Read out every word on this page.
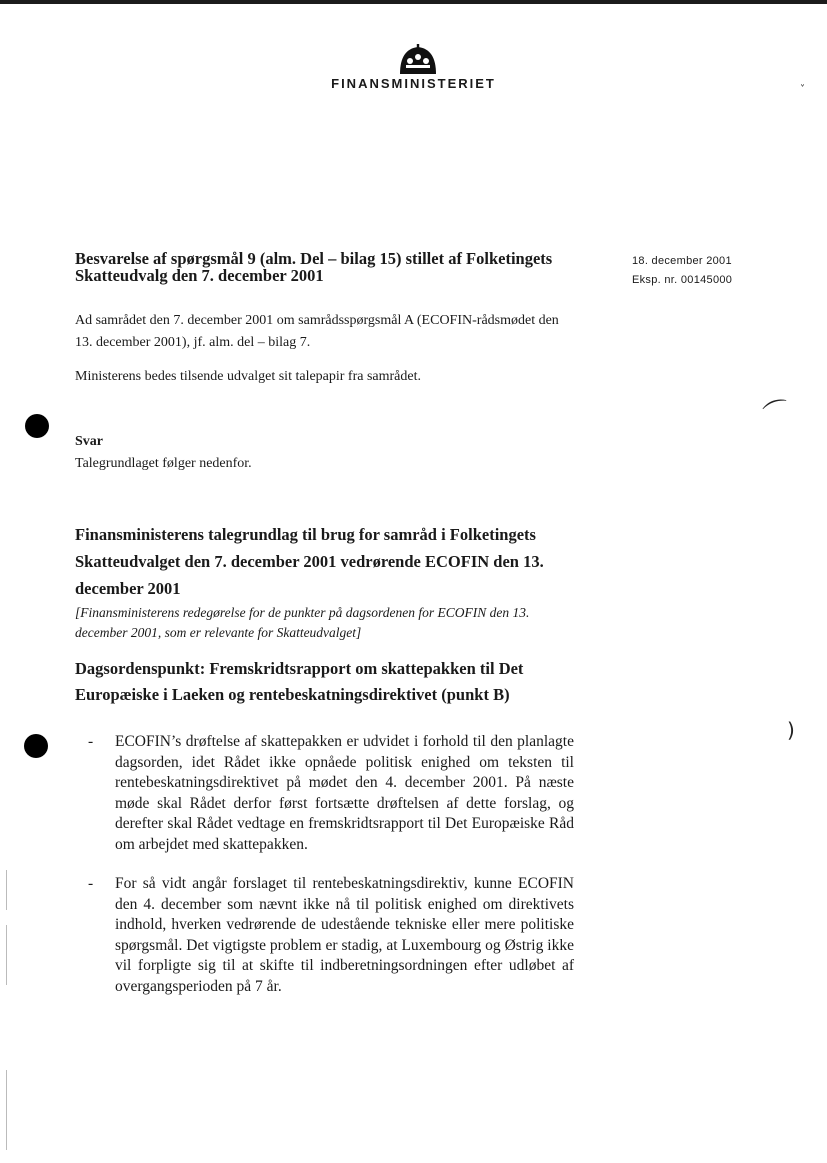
⌒
)
˅
FINANSMINISTERIET
Besvarelse af spørgsmål 9 (alm. Del – bilag 15) stillet af Folketingets Skatteudvalg den 7. december 2001
18. december 2001
Eksp. nr. 00145000
Ad samrådet den 7. december 2001 om samrådsspørgsmål A (ECOFIN-rådsmødet den 13. december 2001), jf. alm. del – bilag 7.
Ministerens bedes tilsende udvalget sit talepapir fra samrådet.
Svar
Talegrundlaget følger nedenfor.
Finansministerens talegrundlag til brug for samråd i Folketingets Skatteudvalget den 7. december 2001 vedrørende ECOFIN den 13. december 2001
[Finansministerens redegørelse for de punkter på dagsordenen for ECOFIN den 13. december 2001, som er relevante for Skatteudvalget]
Dagsordenspunkt: Fremskridtsrapport om skattepakken til Det Europæiske i Laeken og rentebeskatningsdirektivet (punkt B)
- ECOFIN’s drøftelse af skattepakken er udvidet i forhold til den planlagte dagsorden, idet Rådet ikke opnåede politisk enighed om teksten til rentebeskatningsdirektivet på mødet den 4. december 2001. På næste møde skal Rådet derfor først fortsætte drøftelsen af dette forslag, og derefter skal Rådet vedtage en fremskridtsrapport til Det Europæiske Råd om arbejdet med skattepakken.
- For så vidt angår forslaget til rentebeskatningsdirektiv, kunne ECOFIN den 4. december som nævnt ikke nå til politisk enighed om direktivets indhold, hverken vedrørende de udestående tekniske eller mere politiske spørgsmål. Det vigtigste problem er stadig, at Luxembourg og Østrig ikke vil forpligte sig til at skifte til indberetningsordningen efter udløbet af overgangsperioden på 7 år.
